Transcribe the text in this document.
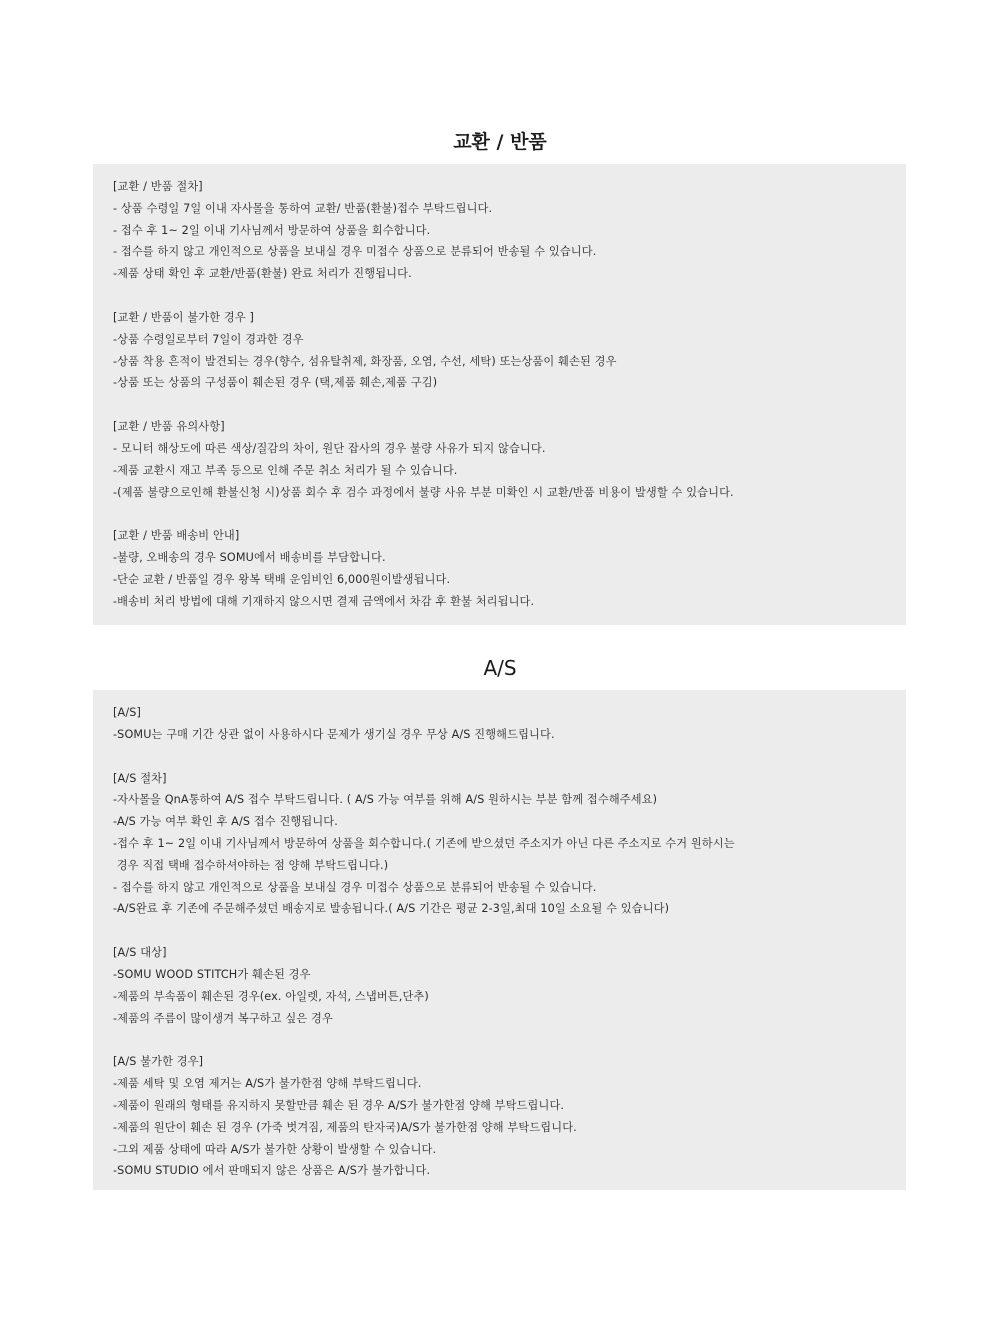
교환 / 반품
[교환 / 반품 절차]
- 상품 수령일 7일 이내 자사몰을 통하여 교환/ 반품(환불)접수 부탁드립니다.
- 접수 후 1~ 2일 이내 기사님께서 방문하여 상품을 회수합니다.
- 접수를 하지 않고 개인적으로 상품을 보내실 경우 미접수 상품으로 분류되어 반송될 수 있습니다.
-제품 상태 확인 후 교환/반품(환불) 완료 처리가 진행됩니다.
[교환 / 반품이 불가한 경우 ]
-상품 수령일로부터 7일이 경과한 경우
-상품 착용 흔적이 발견되는 경우(향수, 섬유탈취제, 화장품, 오염, 수선, 세탁) 또는상품이 훼손된 경우
-상품 또는 상품의 구성품이 훼손된 경우 (택,제품 훼손,제품 구김)
[교환 / 반품 유의사항]
- 모니터 해상도에 따른 색상/질감의 차이, 원단 잡사의 경우 불량 사유가 되지 않습니다.
-제품 교환시 재고 부족 등으로 인해 주문 취소 처리가 될 수 있습니다.
-(제품 불량으로인해 환불신청 시)상품 회수 후 검수 과정에서 불량 사유 부분 미확인 시 교환/반품 비용이 발생할 수 있습니다.
[교환 / 반품 배송비 안내]
-불량, 오배송의 경우 SOMU에서 배송비를 부담합니다.
-단순 교환 / 반품일 경우 왕복 택배 운임비인 6,000원이발생됩니다.
-배송비 처리 방법에 대해 기재하지 않으시면 결제 금액에서 차감 후 환불 처리됩니다.
A/S
[A/S]
-SOMU는 구매 기간 상관 없이 사용하시다 문제가 생기실 경우 무상 A/S 진행해드립니다.
[A/S 절차]
-자사몰을 QnA통하여 A/S 접수 부탁드립니다. ( A/S 가능 여부를 위해 A/S 원하시는 부분 함께 접수해주세요)
-A/S 가능 여부 확인 후 A/S 접수 진행됩니다.
-접수 후 1~ 2일 이내 기사님께서 방문하여 상품을 회수합니다.( 기존에 받으셨던 주소지가 아닌 다른 주소지로 수거 원하시는
경우 직접 택배 접수하셔야하는 점 양해 부탁드립니다.)
- 접수를 하지 않고 개인적으로 상품을 보내실 경우 미접수 상품으로 분류되어 반송될 수 있습니다.
-A/S완료 후 기존에 주문해주셨던 배송지로 발송됩니다.( A/S 기간은 평균 2-3일,최대 10일 소요될 수 있습니다)
[A/S 대상]
-SOMU WOOD STITCH가 훼손된 경우
-제품의 부속품이 훼손된 경우(ex. 아일렛, 자석, 스냅버튼,단추)
-제품의 주름이 많이생겨 복구하고 싶은 경우
[A/S 불가한 경우]
-제품 세탁 및 오염 제거는 A/S가 불가한점 양해 부탁드립니다.
-제품이 원래의 형태를 유지하지 못할만큼 훼손 된 경우 A/S가 불가한점 양해 부탁드립니다.
-제품의 원단이 훼손 된 경우 (가죽 벗겨짐, 제품의 탄자국)A/S가 불가한점 양해 부탁드립니다.
-그외 제품 상태에 따라 A/S가 불가한 상황이 발생할 수 있습니다.
-SOMU STUDIO 에서 판매되지 않은 상품은 A/S가 불가합니다.
